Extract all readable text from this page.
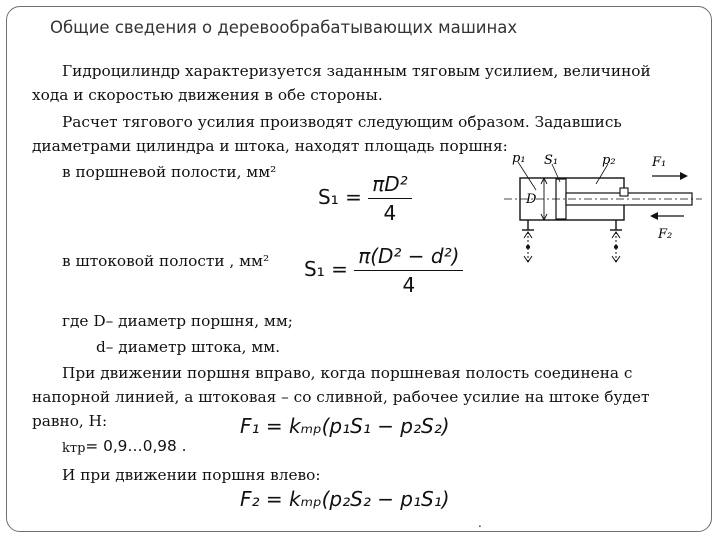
Общие сведения о деревообрабатывающих машинах
Гидроцилиндр характеризуется заданным тяговым усилием, величиной
хода и скоростью движения в обе стороны.
Расчет тягового усилия производят следующим образом. Задавшись
диаметрами цилиндра и штока, находят площадь поршня:
в поршневой полости, мм²
$S_1 = \frac{\text{πD²}}{4}$
в штоковой полости , мм² $S_1 = \frac{\text{π(D² − d²)}}{4}$
где D– диаметр поршня, мм;
d– диаметр штока, мм.
При движении поршня вправо, когда поршневая полость соединена с
напорной линией, а штоковая – со сливной, рабочее усилие на штоке будет
равно, Н:	F₁ = kₘₚ(p₁S₁ − p₂S₂)
kтр= 0,9…0,98 .
И при движении поршня влево:
F₂ = kₘₚ(p₂S₂ − p₁S₁)
.
D
p₁ S₁	p₂	F₁
F₂
